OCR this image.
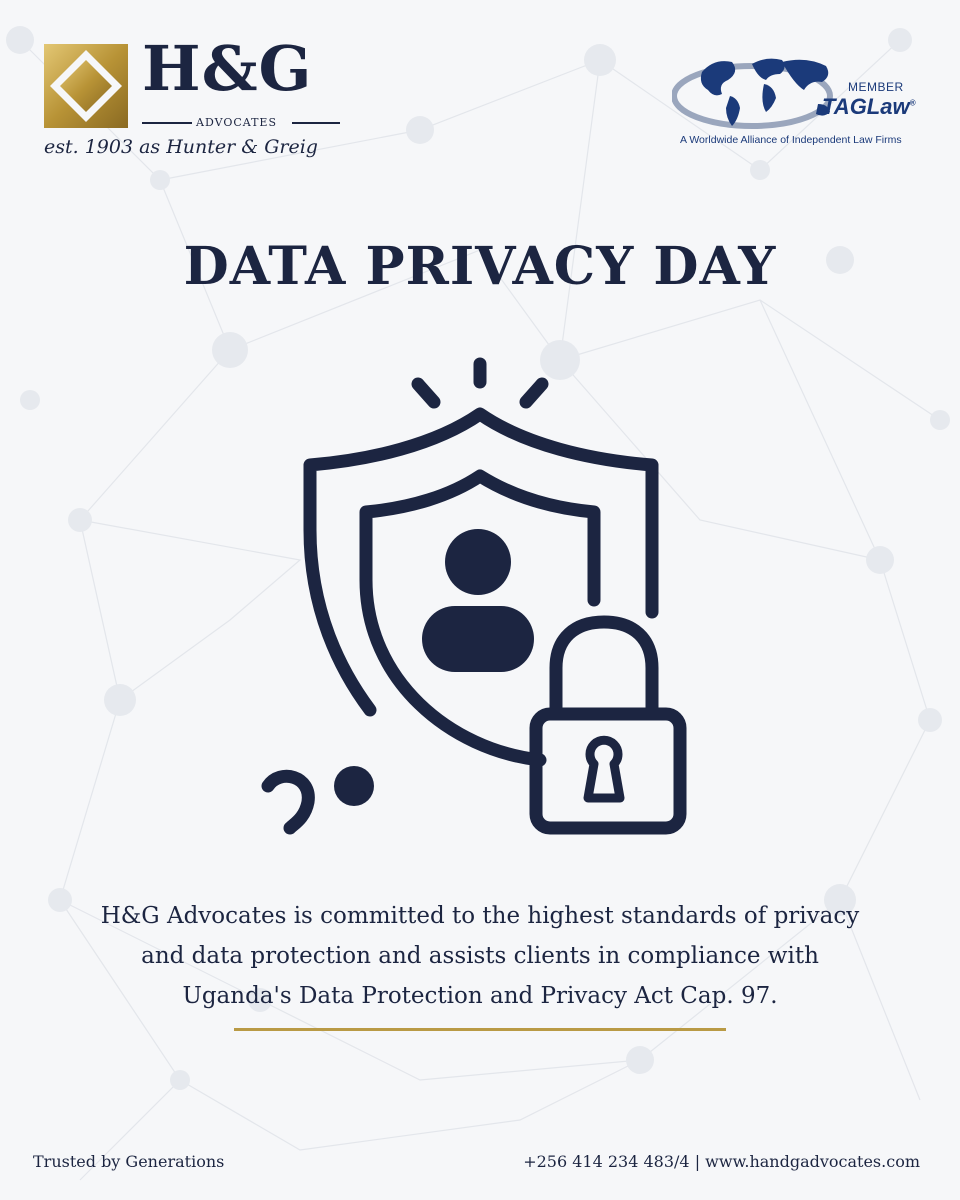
H&G
ADVOCATES
est. 1903 as Hunter & Greig
MEMBER
TAGLaw®
A Worldwide Alliance of Independent Law Firms
DATA PRIVACY DAY
H&G Advocates is committed to the highest standards of privacy and data protection and assists clients in compliance with Uganda's Data Protection and Privacy Act Cap. 97.
Trusted by Generations	+256 414 234 483/4 | www.handgadvocates.com
